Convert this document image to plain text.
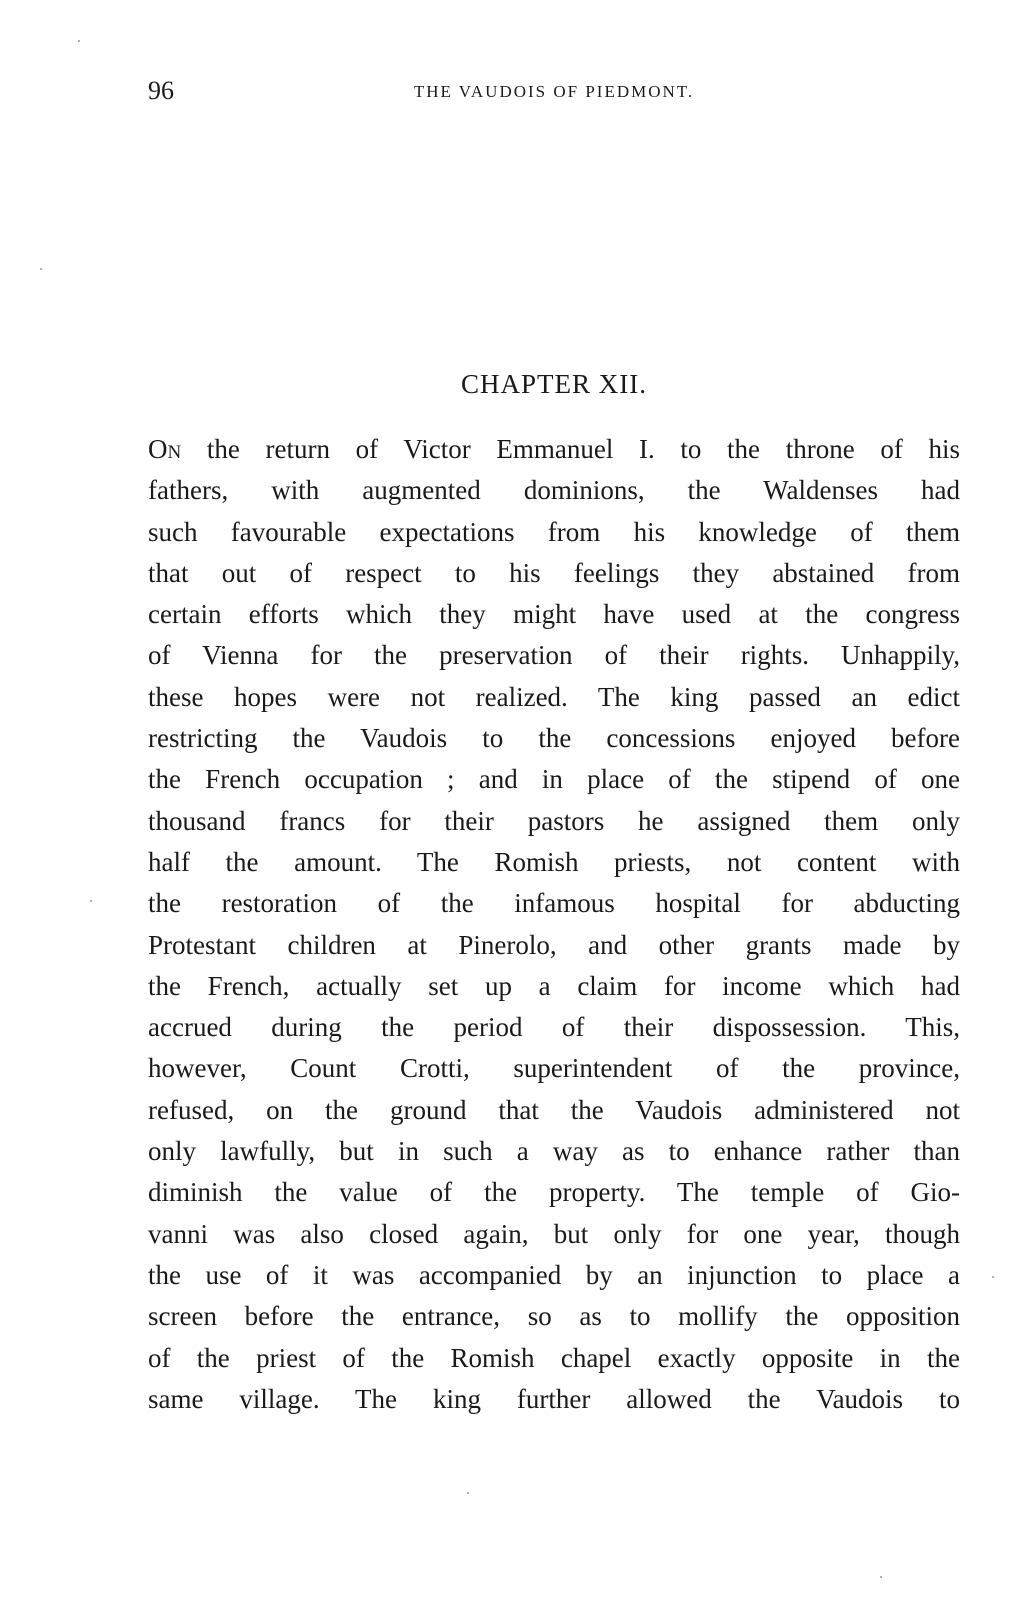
96	THE VAUDOIS OF PIEDMONT.
CHAPTER XII.
On the return of Victor Emmanuel I. to the throne of his
fathers, with augmented dominions, the Waldenses had
such favourable expectations from his knowledge of them
that out of respect to his feelings they abstained from
certain efforts which they might have used at the congress
of Vienna for the preservation of their rights. Unhappily,
these hopes were not realized. The king passed an edict
restricting the Vaudois to the concessions enjoyed before
the French occupation ; and in place of the stipend of one
thousand francs for their pastors he assigned them only
half the amount. The Romish priests, not content with
the restoration of the infamous hospital for abducting
Protestant children at Pinerolo, and other grants made by
the French, actually set up a claim for income which had
accrued during the period of their dispossession. This,
however, Count Crotti, superintendent of the province,
refused, on the ground that the Vaudois administered not
only lawfully, but in such a way as to enhance rather than
diminish the value of the property. The temple of Gio-
vanni was also closed again, but only for one year, though
the use of it was accompanied by an injunction to place a
screen before the entrance, so as to mollify the opposition
of the priest of the Romish chapel exactly opposite in the
same village. The king further allowed the Vaudois to
